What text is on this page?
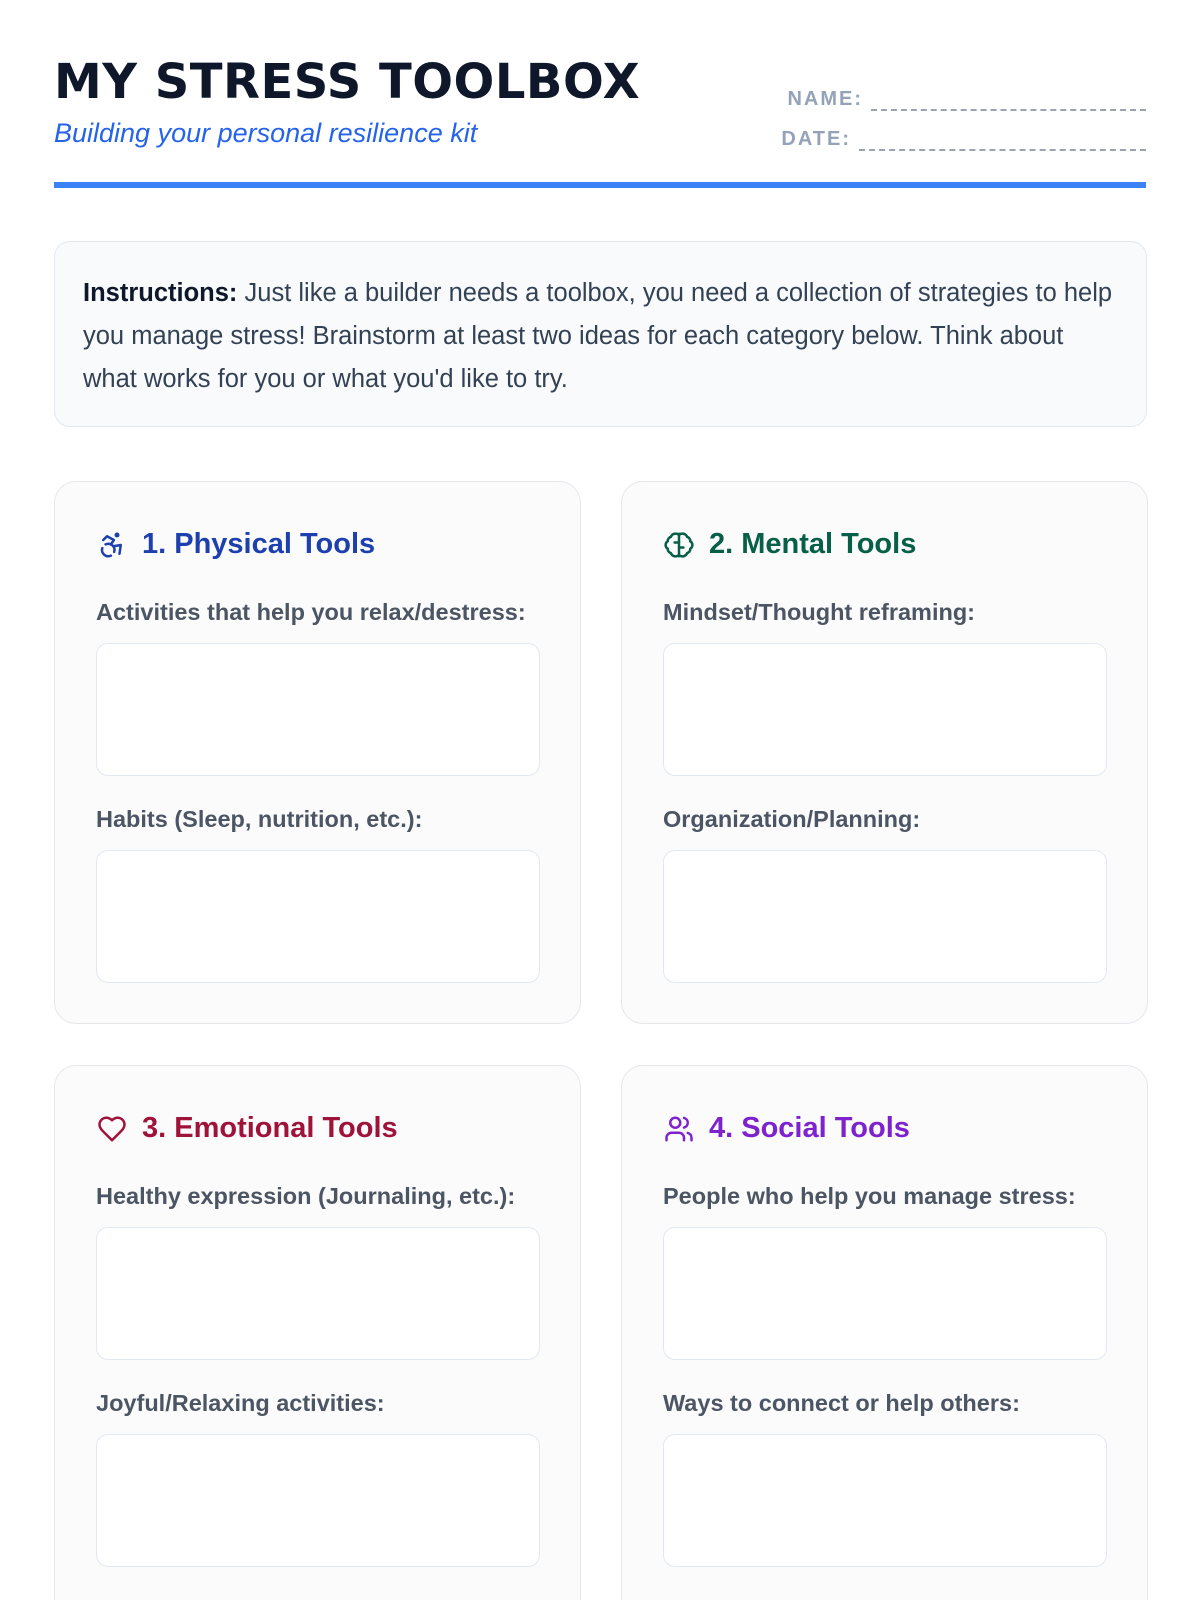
MY STRESS TOOLBOX
Building your personal resilience kit
NAME:
DATE:
Instructions: Just like a builder needs a toolbox, you need a collection of strategies to help you manage stress! Brainstorm at least two ideas for each category below. Think about what works for you or what you'd like to try.
1. Physical Tools
Activities that help you relax/destress:
Habits (Sleep, nutrition, etc.):
2. Mental Tools
Mindset/Thought reframing:
Organization/Planning:
3. Emotional Tools
Healthy expression (Journaling, etc.):
Joyful/Relaxing activities:
4. Social Tools
People who help you manage stress:
Ways to connect or help others:
